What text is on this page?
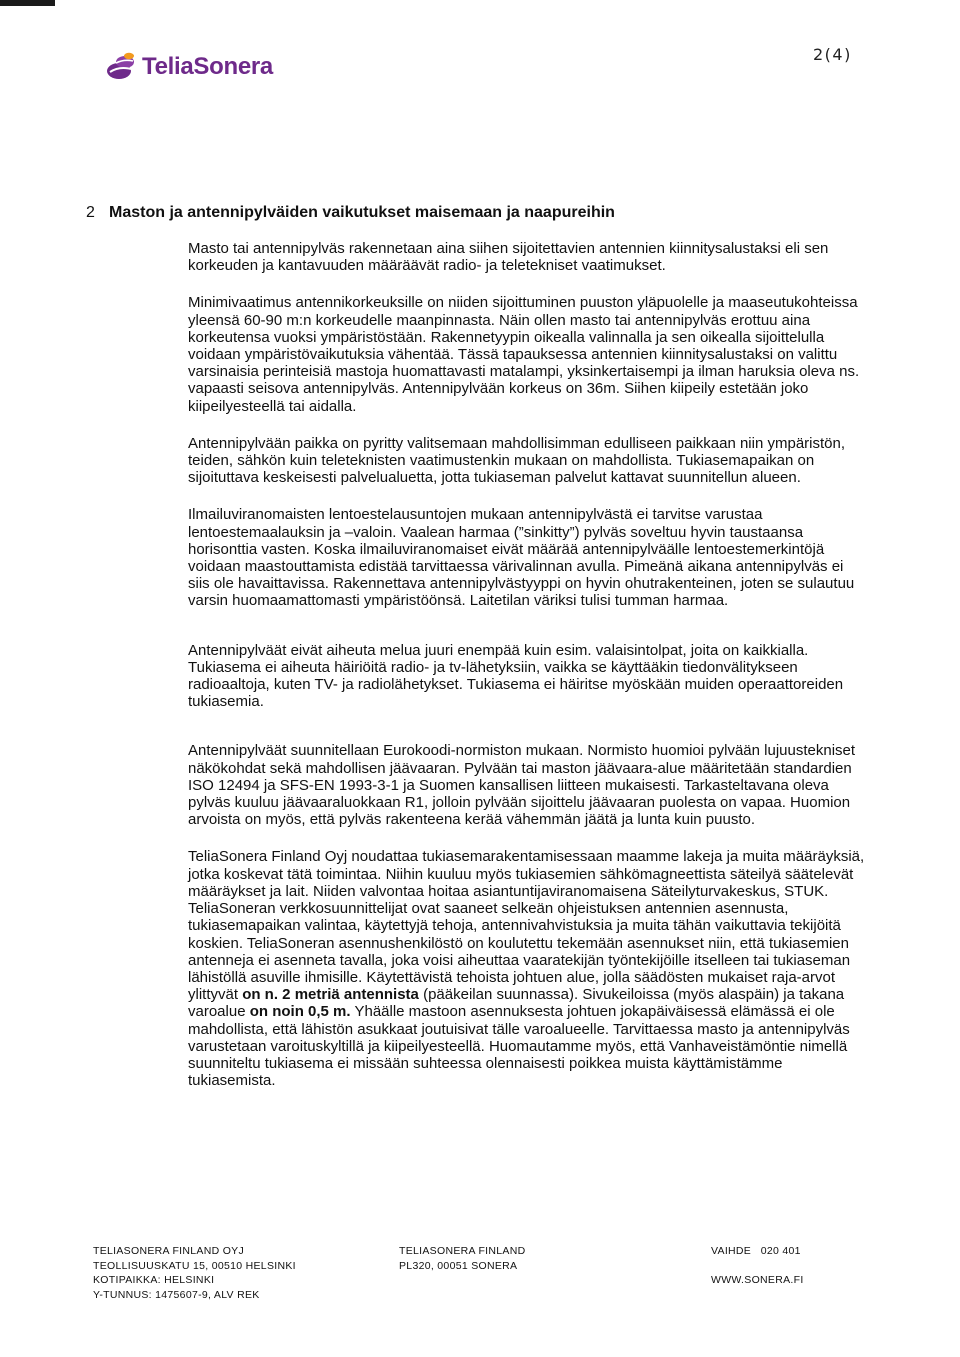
TeliaSonera	2(4)
2 Maston ja antennipylväiden vaikutukset maisemaan ja naapureihin

Masto tai antennipylväs rakennetaan aina siihen sijoitettavien antennien kiinnitysalustaksi eli sen korkeuden ja kantavuuden määräävät radio- ja teletekniset vaatimukset.

Minimivaatimus antennikorkeuksille on niiden sijoittuminen puuston yläpuolelle ja maaseutukohteissa yleensä 60-90 m:n korkeudelle maanpinnasta. Näin ollen masto tai antennipylväs erottuu aina korkeutensa vuoksi ympäristöstään. Rakennetyypin oikealla valinnalla ja sen oikealla sijoittelulla voidaan ympäristövaikutuksia vähentää. Tässä tapauksessa antennien kiinnitysalustaksi on valittu varsinaisia perinteisiä mastoja huomattavasti matalampi, yksinkertaisempi ja ilman haruksia oleva ns. vapaasti seisova antennipylväs. Antennipylvään korkeus on 36m. Siihen kiipeily estetään joko kiipeilyesteellä tai aidalla.

Antennipylvään paikka on pyritty valitsemaan mahdollisimman edulliseen paikkaan niin ympäristön, teiden, sähkön kuin teleteknisten vaatimustenkin mukaan on mahdollista. Tukiasemapaikan on sijoituttava keskeisesti palvelualuetta, jotta tukiaseman palvelut kattavat suunnitellun alueen.

Ilmailuviranomaisten lentoestelausuntojen mukaan antennipylvästä ei tarvitse varustaa lentoestemaalauksin ja –valoin. Vaalean harmaa (”sinkitty”) pylväs soveltuu hyvin taustaansa horisonttia vasten. Koska ilmailuviranomaiset eivät määrää antennipylväälle lentoestemerkintöjä voidaan maastouttamista edistää tarvittaessa värivalinnan avulla. Pimeänä aikana antennipylväs ei siis ole havaittavissa. Rakennettava antennipylvästyyppi on hyvin ohutrakenteinen, joten se sulautuu varsin huomaamattomasti ympäristöönsä. Laitetilan väriksi tulisi tumman harmaa.

Antennipylväät eivät aiheuta melua juuri enempää kuin esim. valaisintolpat, joita on kaikkialla. Tukiasema ei aiheuta häiriöitä radio- ja tv-lähetyksiin, vaikka se käyttääkin tiedonvälitykseen radioaaltoja, kuten TV- ja radiolähetykset. Tukiasema ei häiritse myöskään muiden operaattoreiden tukiasemia.

Antennipylväät suunnitellaan Eurokoodi-normiston mukaan. Normisto huomioi pylvään lujuustekniset näkökohdat sekä mahdollisen jäävaaran. Pylvään tai maston jäävaara-alue määritetään standardien ISO 12494 ja SFS-EN 1993-3-1 ja Suomen kansallisen liitteen mukaisesti. Tarkasteltavana oleva pylväs kuuluu jäävaaraluokkaan R1, jolloin pylvään sijoittelu jäävaaran puolesta on vapaa. Huomion arvoista on myös, että pylväs rakenteena kerää vähemmän jäätä ja lunta kuin puusto.

TeliaSonera Finland Oyj noudattaa tukiasemarakentamisessaan maamme lakeja ja muita määräyksiä, jotka koskevat tätä toimintaa. Niihin kuuluu myös tukiasemien sähkömagneettista säteilyä säätelevät määräykset ja lait. Niiden valvontaa hoitaa asiantuntijaviranomaisena Säteilyturvakeskus, STUK. TeliaSoneran verkkosuunnittelijat ovat saaneet selkeän ohjeistuksen antennien asennusta, tukiasemapaikan valintaa, käytettyjä tehoja, antennivahvistuksia ja muita tähän vaikuttavia tekijöitä koskien. TeliaSoneran asennushenkilöstö on koulutettu tekemään asennukset niin, että tukiasemien antenneja ei asenneta tavalla, joka voisi aiheuttaa vaaratekijän työntekijöille itselleen tai tukiaseman lähistöllä asuville ihmisille. Käytettävistä tehoista johtuen alue, jolla säädösten mukaiset raja-arvot ylittyvät on n. 2 metriä antennista (pääkeilan suunnassa). Sivukeiloissa (myös alaspäin) ja takana varoalue on noin 0,5 m. Yhäälle mastoon asennuksesta johtuen jokapäiväisessä elämässä ei ole mahdollista, että lähistön asukkaat joutuisivat tälle varoalueelle. Tarvittaessa masto ja antennipylväs varustetaan varoituskyltillä ja kiipeilyesteellä. Huomautamme myös, että Vanhaveistämöntie nimellä suunniteltu tukiasema ei missään suhteessa olennaisesti poikkea muista käyttämistämme tukiasemista.

TELIASONERA FINLAND OYJ
TEOLLISUUSKATU 15, 00510 HELSINKI
KOTIPAIKKA: HELSINKI
Y-TUNNUS: 1475607-9, ALV REK
TELIASONERA FINLAND
PL320, 00051 SONERA
VAIHDE   020 401
WWW.SONERA.FI
